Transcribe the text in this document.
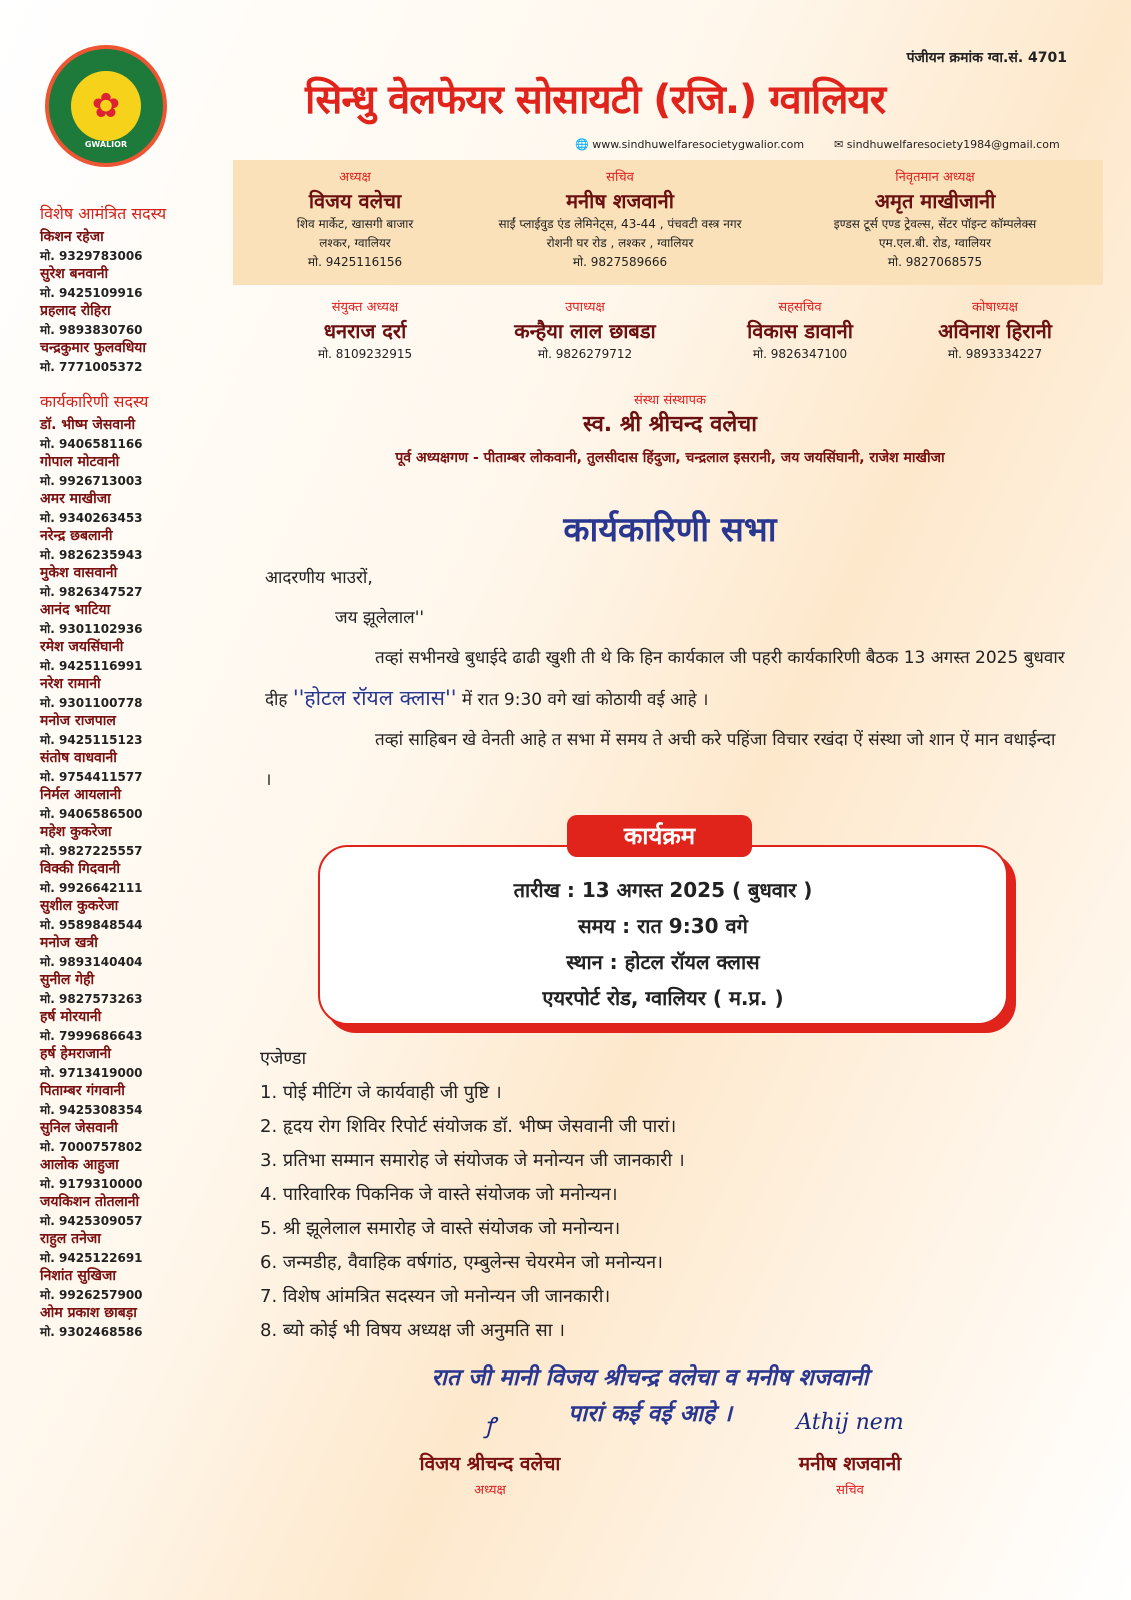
✿
GWALIOR
पंजीयन क्रमांक ग्वा.सं. 4701
सिन्धु वेलफेयर सोसायटी (रजि.) ग्वालियर
🌐 www.sindhuwelfaresocietygwalior.com	✉ sindhuwelfaresociety1984@gmail.com
अध्यक्ष
विजय वलेचा
शिव मार्केट, खासगी बाजार
लश्कर, ग्वालियर
मो. 9425116156
सचिव
मनीष शजवानी
साईं प्लाईवुड एंड लेमिनेट्स, 43-44 , पंचवटी वस्त्र नगर
रोशनी घर रोड , लश्कर , ग्वालियर
मो. 9827589666
निवृतमान अध्यक्ष
अमृत माखीजानी
इण्डस टूर्स एण्ड ट्रेवल्स, सेंटर पॉइन्ट कॉम्पलेक्स
एम.एल.बी. रोड, ग्वालियर
मो. 9827068575
संयुक्त अध्यक्ष
धनराज दर्रा
मो. 8109232915
उपाध्यक्ष
कन्हैया लाल छाबडा
मो. 9826279712
सहसचिव
विकास डावानी
मो. 9826347100
कोषाध्यक्ष
अविनाश हिरानी
मो. 9893334227
संस्था संस्थापक
स्व. श्री श्रीचन्द वलेचा
पूर्व अध्यक्षगण - पीताम्बर लोकवानी, तुलसीदास हिंदुजा, चन्द्रलाल इसरानी, जय जयसिंघानी, राजेश माखीजा
विशेष आमंत्रित सदस्य
किशन रहेजा
मो. 9329783006
सुरेश बनवानी
मो. 9425109916
प्रहलाद रोहिरा
मो. 9893830760
चन्द्रकुमार फुलवधिया
मो. 7771005372
कार्यकारिणी सदस्य
डॉ. भीष्म जेसवानी
मो. 9406581166
गोपाल मोटवानी
मो. 9926713003
अमर माखीजा
मो. 9340263453
नरेन्द्र छबलानी
मो. 9826235943
मुकेश वासवानी
मो. 9826347527
आनंद भाटिया
मो. 9301102936
रमेश जयसिंघानी
मो. 9425116991
नरेश रामानी
मो. 9301100778
मनोज राजपाल
मो. 9425115123
संतोष वाधवानी
मो. 9754411577
निर्मल आयलानी
मो. 9406586500
महेश कुकरेजा
मो. 9827225557
विक्की गिदवानी
मो. 9926642111
सुशील कुकरेजा
मो. 9589848544
मनोज खत्री
मो. 9893140404
सुनील गेही
मो. 9827573263
हर्ष मोरयानी
मो. 7999686643
हर्ष हेमराजानी
मो. 9713419000
पिताम्बर गंगवानी
मो. 9425308354
सुनिल जेसवानी
मो. 7000757802
आलोक आहुजा
मो. 9179310000
जयकिशन तोतलानी
मो. 9425309057
राहुल तनेजा
मो. 9425122691
निशांत सुखिजा
मो. 9926257900
ओम प्रकाश छाबड़ा
मो. 9302468586
कार्यकारिणी सभा
आदरणीय भाउरों,
जय झूलेलाल''
तव्हां सभीनखे बुधाईदे ढाढी खुशी ती थे कि हिन कार्यकाल जी पहरी कार्यकारिणी बैठक 13 अगस्त 2025 बुधवार दीह ''होटल रॉयल क्लास'' में रात 9:30 वगे खां कोठायी वई आहे ।
तव्हां साहिबन खे वेनती आहे त सभा में समय ते अची करे पहिंजा विचार रखंदा ऐं संस्था जो शान ऐं मान वधाईन्दा ।
तारीख : 13 अगस्त 2025 ( बुधवार )
समय : रात 9:30 वगे
स्थान : होटल रॉयल क्लास
एयरपोर्ट रोड, ग्वालियर ( म.प्र. )
कार्यक्रम
एजेण्डा
1. पोई मीटिंग जे कार्यवाही जी पुष्टि ।
2. हृदय रोग शिविर रिपोर्ट संयोजक डॉ. भीष्म जेसवानी जी पारां।
3. प्रतिभा सम्मान समारोह जे संयोजक जे मनोन्यन जी जानकारी ।
4. पारिवारिक पिकनिक जे वास्ते संयोजक जो मनोन्यन।
5. श्री झूलेलाल समारोह जे वास्ते संयोजक जो मनोन्यन।
6. जन्मडीह, वैवाहिक वर्षगांठ, एम्बुलेन्स चेयरमेन जो मनोन्यन।
7. विशेष आंमत्रित सदस्यन जो मनोन्यन जी जानकारी।
8. ब्यो कोई भी विषय अध्यक्ष जी अनुमति सा ।
रात जी मानी विजय श्रीचन्द्र वलेचा व मनीष शजवानी
पारां कई वई आहे ।
ꝭ
विजय श्रीचन्द वलेचा
अध्यक्ष
Athij nem
मनीष शजवानी
सचिव
